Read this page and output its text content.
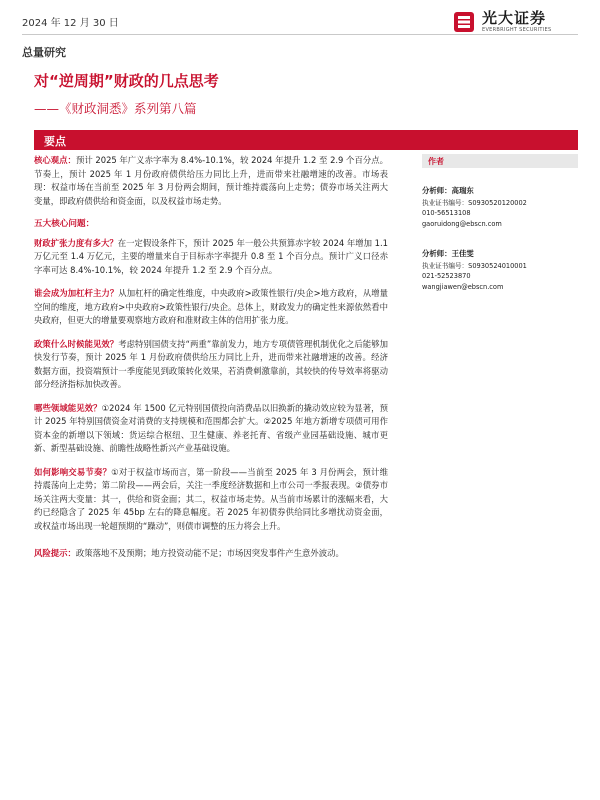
2024 年 12 月 30 日	光大证券
EVERBRIGHT SECURITIES
总量研究
对“逆周期”财政的几点思考
——《财政洞悉》系列第八篇
要点
核心观点：预计 2025 年广义赤字率为 8.4%-10.1%，较 2024 年提升 1.2 至 2.9 个百分点。节奏上，预计 2025 年 1 月份政府债供给压力同比上升，进而带来社融增速的改善。市场表现：权益市场在当前至 2025 年 3 月份两会期间，预计维持震荡向上走势；债券市场关注两大变量，即政府债供给和资金面，以及权益市场走势。
五大核心问题：
财政扩张力度有多大？在一定假设条件下，预计 2025 年一般公共预算赤字较 2024 年增加 1.1 万亿元至 1.4 万亿元，主要的增量来自于目标赤字率提升 0.8 至 1 个百分点。预计广义口径赤字率可达 8.4%-10.1%，较 2024 年提升 1.2 至 2.9 个百分点。
谁会成为加杠杆主力？从加杠杆的确定性维度，中央政府>政策性银行/央企>地方政府，从增量空间的维度，地方政府>中央政府>政策性银行/央企。总体上，财政发力的确定性来源依然看中央政府，但更大的增量要观察地方政府和准财政主体的信用扩张力度。
政策什么时候能见效？考虑特别国债支持“两重”靠前发力，地方专项债管理机制优化之后能够加快发行节奏，预计 2025 年 1 月份政府债供给压力同比上升，进而带来社融增速的改善。经济数据方面，投资端预计一季度能见到政策转化效果，若消费刺激靠前，其较快的传导效率将驱动部分经济指标加快改善。
哪些领域能见效？①2024 年 1500 亿元特别国债投向消费品以旧换新的撬动效应较为显著，预计 2025 年特别国债资金对消费的支持规模和范围都会扩大。②2025 年地方新增专项债可用作资本金的新增以下领域：货运综合枢纽、卫生健康、养老托育、省级产业园基础设施、城市更新、新型基础设施、前瞻性战略性新兴产业基础设施。
如何影响交易节奏？①对于权益市场而言，第一阶段——当前至 2025 年 3 月份两会，预计维持震荡向上走势；第二阶段——两会后，关注一季度经济数据和上市公司一季报表现。②债券市场关注两大变量：其一，供给和资金面；其二，权益市场走势。从当前市场累计的涨幅来看，大约已经隐含了 2025 年 45bp 左右的降息幅度。若 2025 年初债券供给同比多增扰动资金面，或权益市场出现一轮超预期的“躁动”，则债市调整的压力将会上升。
风险提示：政策落地不及预期；地方投资动能不足；市场因突发事件产生意外波动。
作者
分析师：高瑞东
执业证书编号：S0930520120002
010-56513108
gaoruidong@ebscn.com
分析师：王佳雯
执业证书编号：S0930524010001
021-52523870
wangjiawen@ebscn.com
